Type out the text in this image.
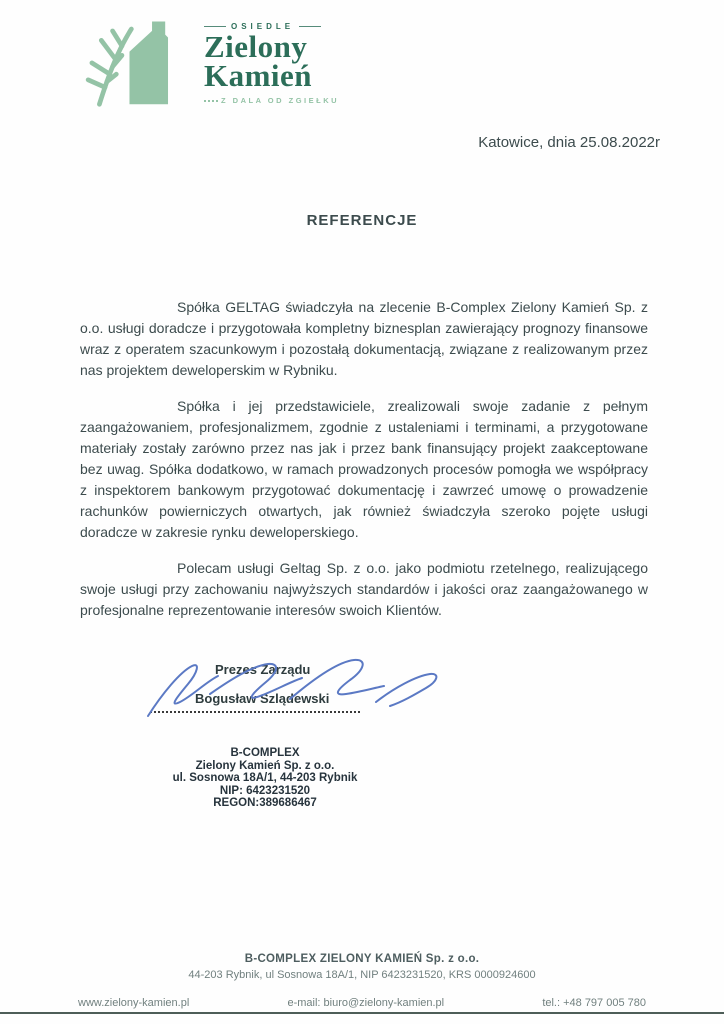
OSIEDLE
Zielony
Kamień
Z DALA OD ZGIEŁKU
Katowice, dnia 25.08.2022r
REFERENCJE

Spółka GELTAG świadczyła na zlecenie B-Complex Zielony Kamień Sp. z o.o. usługi doradcze i przygotowała kompletny biznesplan zawierający prognozy finansowe wraz z operatem szacunkowym i pozostałą dokumentacją, związane z realizowanym przez nas projektem deweloperskim w Rybniku.

Spółka i jej przedstawiciele, zrealizowali swoje zadanie z pełnym zaangażowaniem, profesjonalizmem, zgodnie z ustaleniami i terminami, a przygotowane materiały zostały zarówno przez nas jak i przez bank finansujący projekt zaakceptowane bez uwag. Spółka dodatkowo, w ramach prowadzonych procesów pomogła we współpracy z inspektorem bankowym przygotować dokumentację i zawrzeć umowę o prowadzenie rachunków powierniczych otwartych, jak również świadczyła szeroko pojęte usługi doradcze w zakresie rynku deweloperskiego.

Polecam usługi Geltag Sp. z o.o. jako podmiotu rzetelnego, realizującego swoje usługi przy zachowaniu najwyższych standardów i jakości oraz zaangażowanego w profesjonalne reprezentowanie interesów swoich Klientów.

Prezes Zarządu
Bogusław Szlądewski
B-COMPLEX
Zielony Kamień Sp. z o.o.
ul. Sosnowa 18A/1, 44-203 Rybnik
NIP: 6423231520
REGON:389686467
B-COMPLEX ZIELONY KAMIEŃ Sp. z o.o.
44-203 Rybnik, ul Sosnowa 18A/1, NIP 6423231520, KRS 0000924600
www.zielony-kamien.pl	e-mail: biuro@zielony-kamien.pl	tel.: +48 797 005 780
